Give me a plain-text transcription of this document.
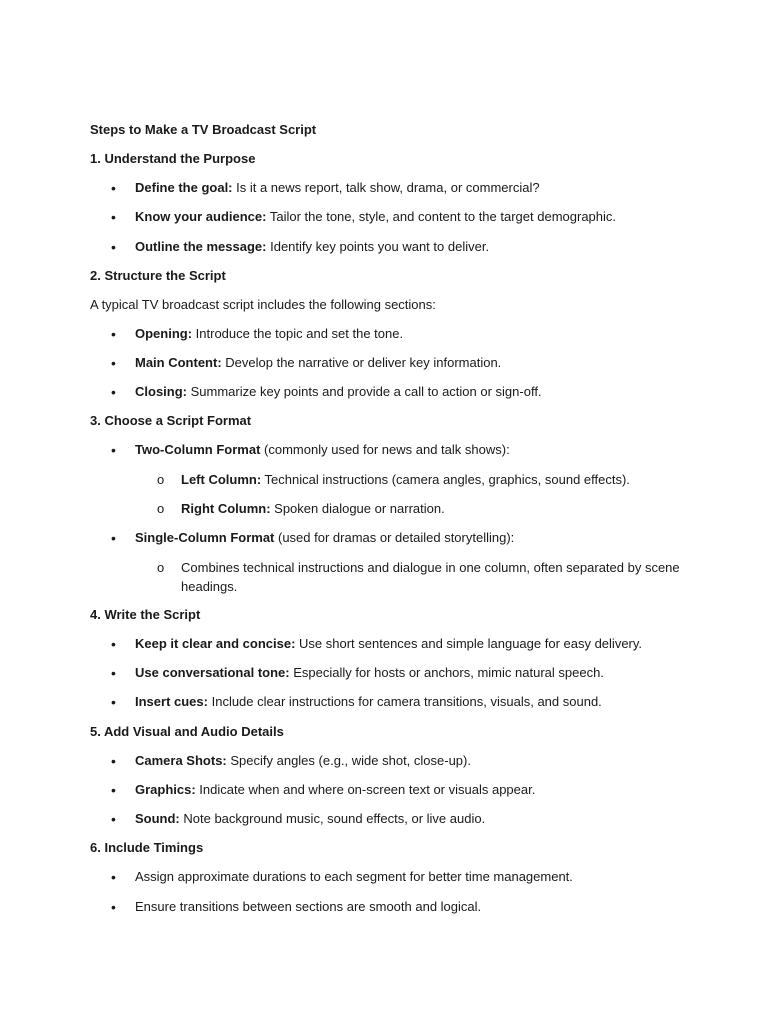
Steps to Make a TV Broadcast Script
1. Understand the Purpose
•	Define the goal: Is it a news report, talk show, drama, or commercial?
•	Know your audience: Tailor the tone, style, and content to the target demographic.
•	Outline the message: Identify key points you want to deliver.
2. Structure the Script
A typical TV broadcast script includes the following sections:
•	Opening: Introduce the topic and set the tone.
•	Main Content: Develop the narrative or deliver key information.
•	Closing: Summarize key points and provide a call to action or sign-off.
3. Choose a Script Format
•	Two-Column Format (commonly used for news and talk shows):
o	Left Column: Technical instructions (camera angles, graphics, sound effects).
o	Right Column: Spoken dialogue or narration.
•	Single-Column Format (used for dramas or detailed storytelling):
o	Combines technical instructions and dialogue in one column, often separated by scene headings.
4. Write the Script
•	Keep it clear and concise: Use short sentences and simple language for easy delivery.
•	Use conversational tone: Especially for hosts or anchors, mimic natural speech.
•	Insert cues: Include clear instructions for camera transitions, visuals, and sound.
5. Add Visual and Audio Details
•	Camera Shots: Specify angles (e.g., wide shot, close-up).
•	Graphics: Indicate when and where on-screen text or visuals appear.
•	Sound: Note background music, sound effects, or live audio.
6. Include Timings
•	Assign approximate durations to each segment for better time management.
•	Ensure transitions between sections are smooth and logical.
